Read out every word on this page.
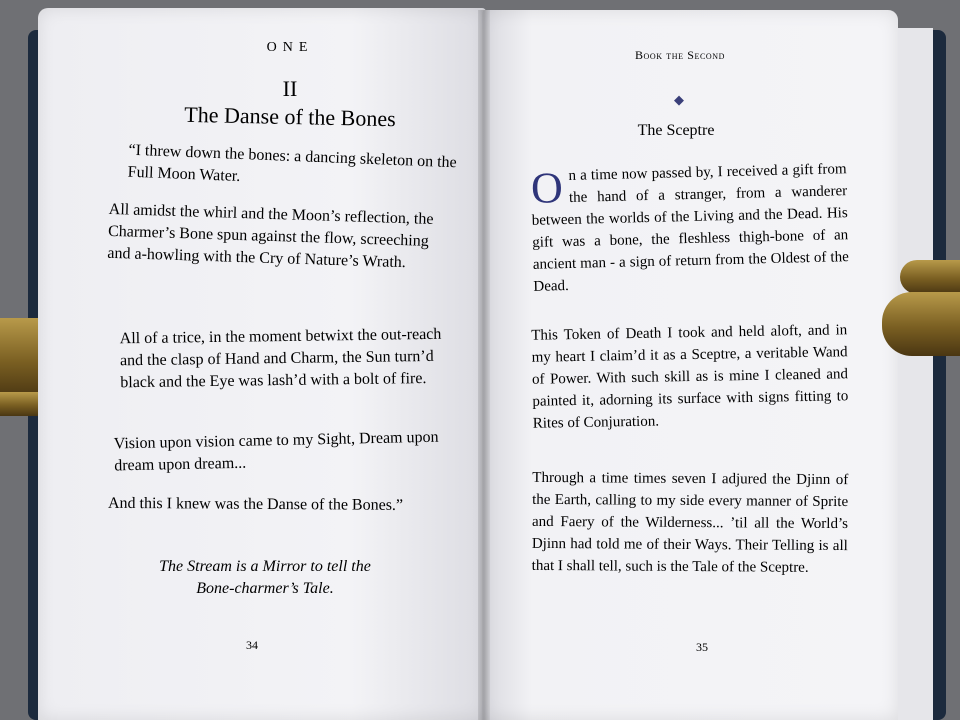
ONE
II
The Danse of the Bones
“I threw down the bones: a dancing skeleton on the Full Moon Water.
All amidst the whirl and the Moon’s reflection, the Charmer’s Bone spun against the flow, screeching and a-howling with the Cry of Nature’s Wrath.
All of a trice, in the moment betwixt the out-reach and the clasp of Hand and Charm, the Sun turn’d black and the Eye was lash’d with a bolt of fire.
Vision upon vision came to my Sight, Dream upon dream upon dream...
And this I knew was the Danse of the Bones.”
The Stream is a Mirror to tell the Bone-charmer’s Tale.
34
Book the Second
◆
The Sceptre
O n a time now passed by, I received a gift from the hand of a stranger, from a wanderer between the worlds of the Living and the Dead. His gift was a bone, the fleshless thigh-bone of an ancient man - a sign of return from the Oldest of the Dead.
This Token of Death I took and held aloft, and in my heart I claim’d it as a Sceptre, a veritable Wand of Power. With such skill as is mine I cleaned and painted it, adorning its surface with signs fitting to Rites of Conjuration.
Through a time times seven I adjured the Djinn of the Earth, calling to my side every manner of Sprite and Faery of the Wilderness... ’til all the World’s Djinn had told me of their Ways. Their Telling is all that I shall tell, such is the Tale of the Sceptre.
35
